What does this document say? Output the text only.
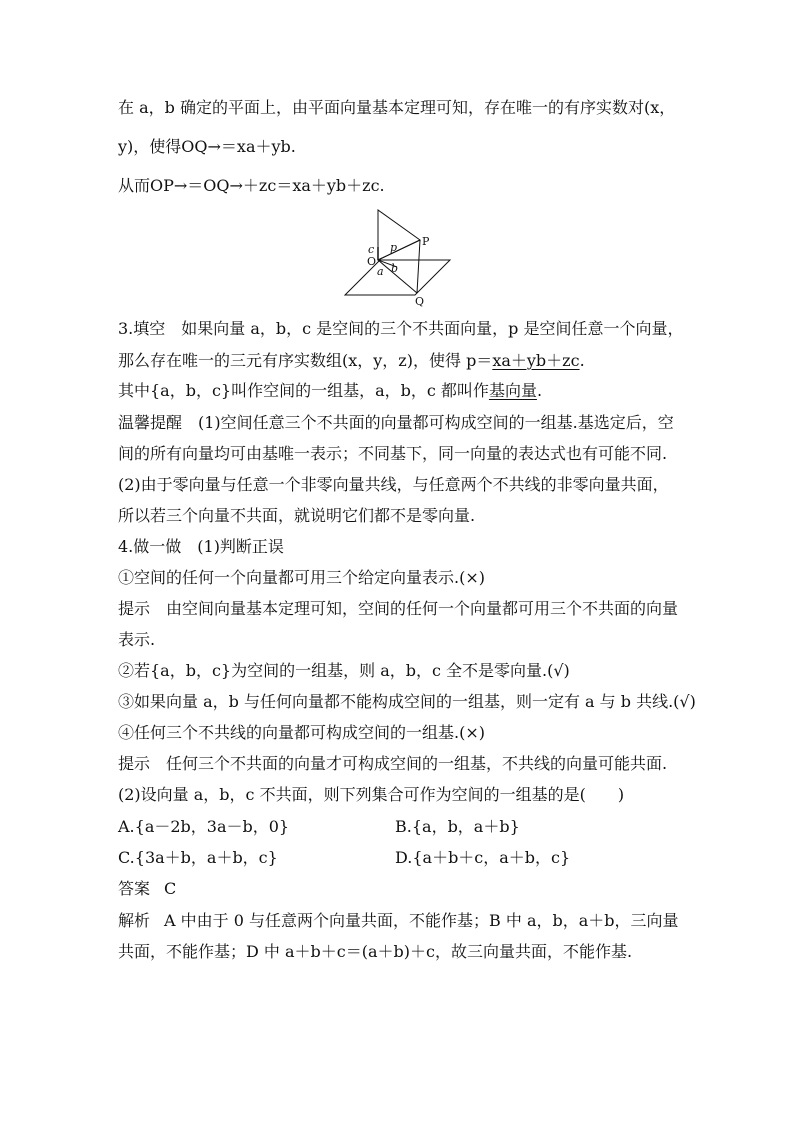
在 a，b 确定的平面上，由平面向量基本定理可知，存在唯一的有序实数对(x，
y)，使得OQ→＝xa＋yb.
从而OP→＝OQ→＋zc＝xa＋yb＋zc.
P
O
Q
a b
c p
3.填空　如果向量 a，b，c 是空间的三个不共面向量，p 是空间任意一个向量，
那么存在唯一的三元有序实数组(x，y，z)，使得 p＝xa＋yb＋zc.
其中{a，b，c}叫作空间的一组基，a，b，c 都叫作基向量.
温馨提醒　(1)空间任意三个不共面的向量都可构成空间的一组基.基选定后，空
间的所有向量均可由基唯一表示；不同基下，同一向量的表达式也有可能不同.
(2)由于零向量与任意一个非零向量共线，与任意两个不共线的非零向量共面，
所以若三个向量不共面，就说明它们都不是零向量.
4.做一做　(1)判断正误
①空间的任何一个向量都可用三个给定向量表示.(×)
提示　由空间向量基本定理可知，空间的任何一个向量都可用三个不共面的向量
表示.
②若{a，b，c}为空间的一组基，则 a，b，c 全不是零向量.(√)
③如果向量 a，b 与任何向量都不能构成空间的一组基，则一定有 a 与 b 共线.(√)
④任何三个不共线的向量都可构成空间的一组基.(×)
提示　任何三个不共面的向量才可构成空间的一组基，不共线的向量可能共面.
(2)设向量 a，b，c 不共面，则下列集合可作为空间的一组基的是(　　)
A.{a－2b，3a－b，0}	B.{a，b，a＋b}
C.{3a＋b，a＋b，c}	D.{a＋b＋c，a＋b，c}
答案 C
解析 A 中由于 0 与任意两个向量共面，不能作基；B 中 a，b，a＋b，三向量
共面，不能作基；D 中 a＋b＋c＝(a＋b)＋c，故三向量共面，不能作基.
